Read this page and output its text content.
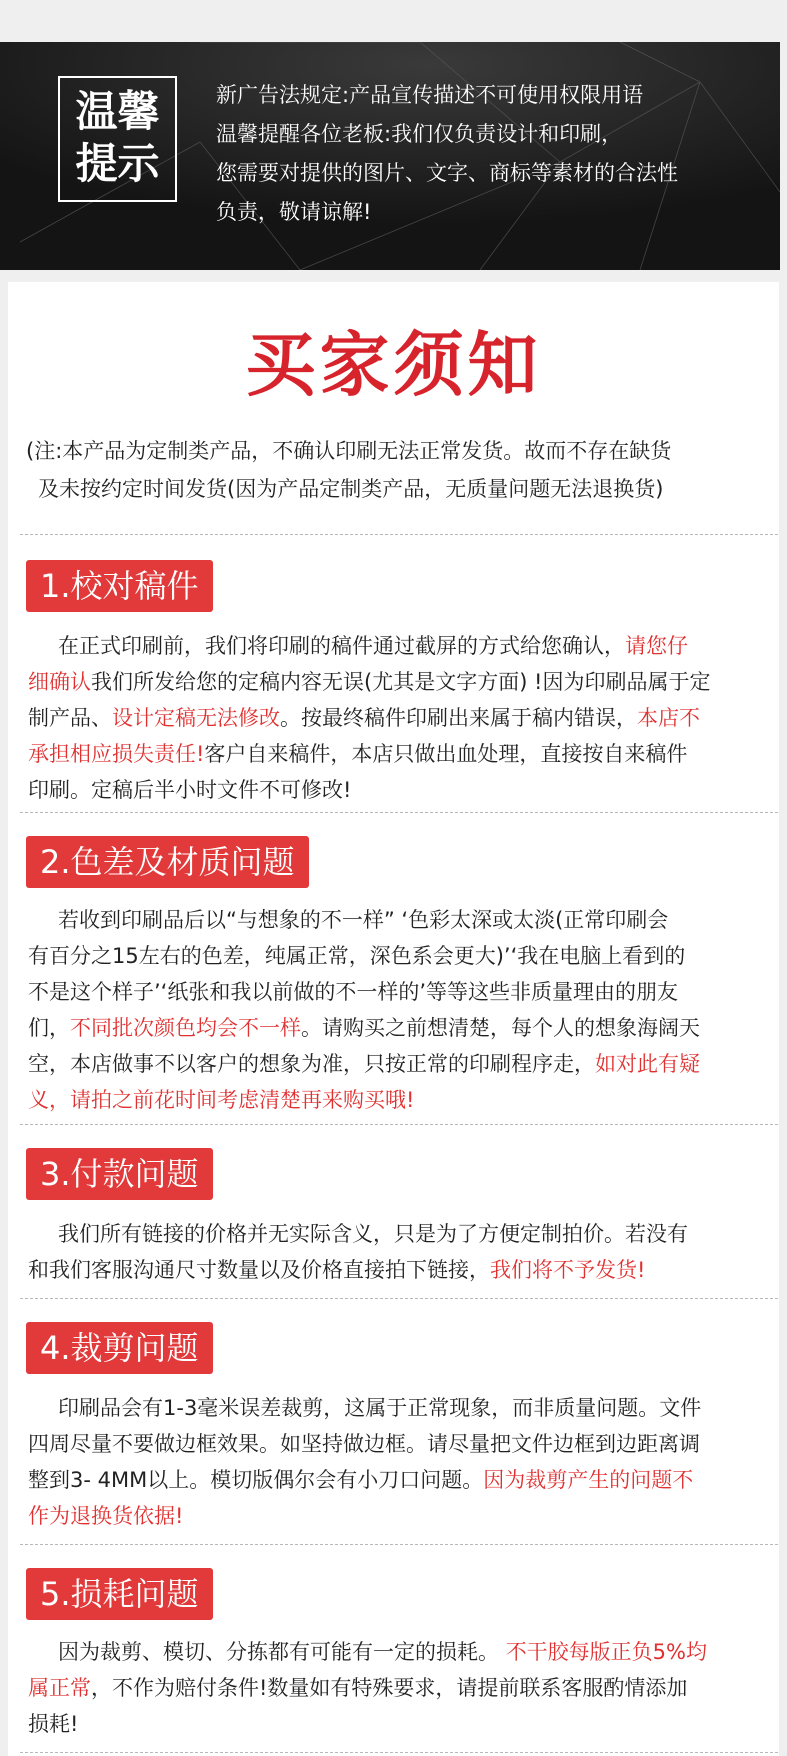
温馨
提示

新广告法规定:产品宣传描述不可使用权限用语

温馨提醒各位老板:我们仅负责设计和印刷，

您需要对提供的图片、文字、商标等素材的合法性

负责，敬请谅解!

买家须知

(注:本产品为定制类产品，不确认印刷无法正常发货。故而不存在缺货

及未按约定时间发货(因为产品定制类产品，无质量问题无法退换货)

1.校对稿件

在正式印刷前，我们将印刷的稿件通过截屏的方式给您确认，请您仔

细确认我们所发给您的定稿内容无误(尤其是文字方面) !因为印刷品属于定

制产品、设计定稿无法修改。按最终稿件印刷出来属于稿内错误，本店不

承担相应损失责任!客户自来稿件，本店只做出血处理，直接按自来稿件

印刷。定稿后半小时文件不可修改!

2.色差及材质问题

若收到印刷品后以“与想象的不一样” ‘色彩太深或太淡(正常印刷会

有百分之15左右的色差，纯属正常，深色系会更大)’‘我在电脑上看到的

不是这个样子’‘纸张和我以前做的不一样的’等等这些非质量理由的朋友

们，不同批次颜色均会不一样。请购买之前想清楚，每个人的想象海阔天

空，本店做事不以客户的想象为准，只按正常的印刷程序走，如对此有疑

义，请拍之前花时间考虑清楚再来购买哦!

3.付款问题

我们所有链接的价格并无实际含义，只是为了方便定制拍价。若没有

和我们客服沟通尺寸数量以及价格直接拍下链接，我们将不予发货!

4.裁剪问题

印刷品会有1-3毫米误差裁剪，这属于正常现象，而非质量问题。文件

四周尽量不要做边框效果。如坚持做边框。请尽量把文件边框到边距离调

整到3- 4MM以上。模切版偶尔会有小刀口问题。因为裁剪产生的问题不

作为退换货依据!

5.损耗问题

因为裁剪、模切、分拣都有可能有一定的损耗。 不干胶每版正负5%均

属正常，不作为赔付条件!数量如有特殊要求，请提前联系客服酌情添加

损耗!
